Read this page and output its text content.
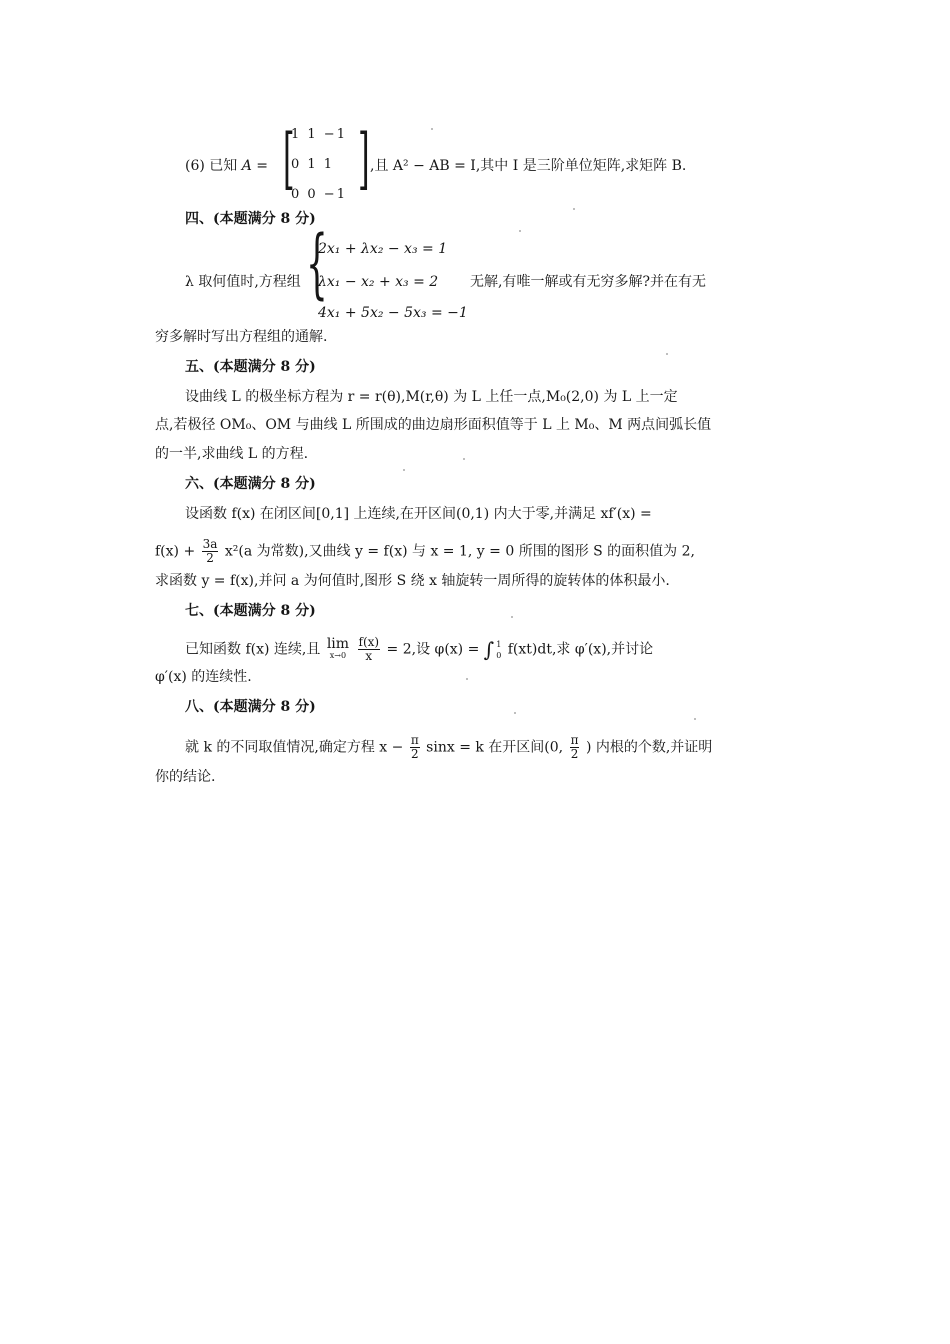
(6) 已知 A = [
1 1 −1
0 1 1
0 0 −1 ] ,且 A² − AB = I,其中 I 是三阶单位矩阵,求矩阵 B.
四、(本题满分 8 分)
λ 取何值时,方程组 {
2x₁ + λx₂ − x₃ = 1
λx₁ − x₂ + x₃ = 2
4x₁ + 5x₂ − 5x₃ = −1
无解,有唯一解或有无穷多解?并在有无
穷多解时写出方程组的通解.
五、(本题满分 8 分)
设曲线 L 的极坐标方程为 r = r(θ),M(r,θ) 为 L 上任一点,M₀(2,0) 为 L 上一定
点,若极径 OM₀、OM 与曲线 L 所围成的曲边扇形面积值等于 L 上 M₀、M 两点间弧长值
的一半,求曲线 L 的方程.
六、(本题满分 8 分)
设函数 f(x) 在闭区间[0,1] 上连续,在开区间(0,1) 内大于零,并满足 xf′(x) =
$f(x) + \frac{3a}{2} x^2(a$ 为常数),又曲线 y = f(x) 与 x = 1, y = 0 所围的图形 S 的面积值为 2,
求函数 y = f(x),并问 a 为何值时,图形 S 绕 x 轴旋转一周所得的旋转体的体积最小.
七、(本题满分 8 分)
已知函数 f(x) 连续,且 lim
x→0
$\frac{f(x)}{x} = 2$,设 φ(x) = ∫ 1
0 f(xt)dt,求 φ′(x),并讨论
φ′(x) 的连续性.
八、(本题满分 8 分)
就 k 的不同取值情况,确定方程 $x - \frac{\pi}{2}$ sinx = k 在开区间(0, $\frac{\pi}{2}$ ) 内根的个数,并证明
你的结论.
